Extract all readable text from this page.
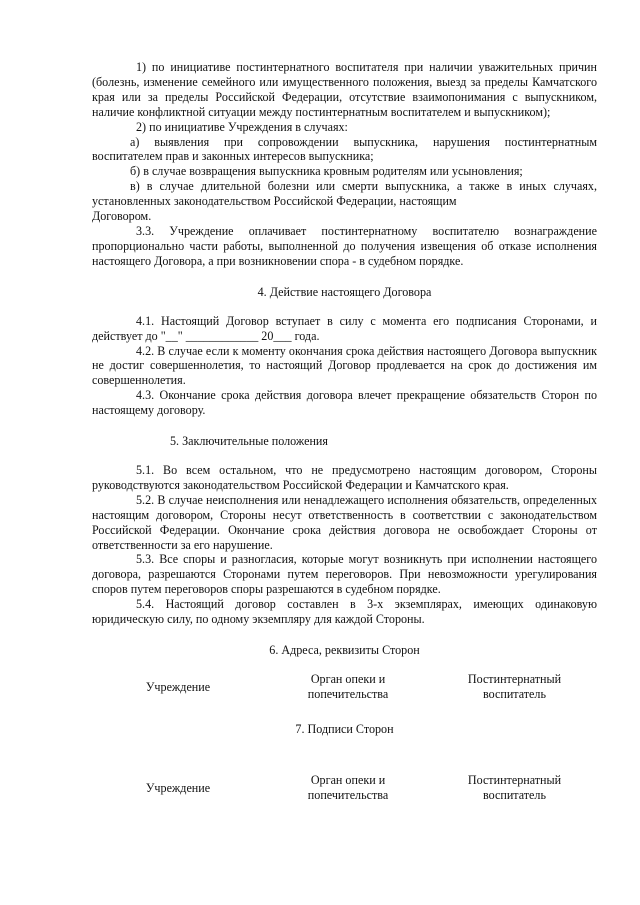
1) по инициативе постинтернатного воспитателя при наличии уважительных причин (болезнь, изменение семейного или имущественного положения, выезд за пределы Камчатского края или за пределы Российской Федерации, отсутствие взаимопонимания с выпускником, наличие конфликтной ситуации между постинтернатным воспитателем и выпускником);

2) по инициативе Учреждения в случаях:

а) выявления при сопровождении выпускника, нарушения постинтернатным воспитателем прав и законных интересов выпускника;

б) в случае возвращения выпускника кровным родителям или усыновления;

в) в случае длительной болезни или смерти выпускника, а также в иных случаях, установленных законодательством Российской Федерации, настоящим

Договором.

3.3. Учреждение оплачивает постинтернатному воспитателю вознаграждение пропорционально части работы, выполненной до получения извещения об отказе исполнения настоящего Договора, а при возникновении спора - в судебном порядке.

4. Действие настоящего Договора

4.1. Настоящий Договор вступает в силу с момента его подписания Сторонами, и действует до "__" ____________ 20___ года.

4.2. В случае если к моменту окончания срока действия настоящего Договора выпускник не достиг совершеннолетия, то настоящий Договор продлевается на срок до достижения им совершеннолетия.

4.3. Окончание срока действия договора влечет прекращение обязательств Сторон по настоящему договору.

5. Заключительные положения

5.1. Во всем остальном, что не предусмотрено настоящим договором, Стороны руководствуются законодательством Российской Федерации и Камчатского края.

5.2. В случае неисполнения или ненадлежащего исполнения обязательств, определенных настоящим договором, Стороны несут ответственность в соответствии с законодательством Российской Федерации. Окончание срока действия договора не освобождает Стороны от ответственности за его нарушение.

5.3. Все споры и разногласия, которые могут возникнуть при исполнении настоящего договора, разрешаются Сторонами путем переговоров. При невозможности урегулирования споров путем переговоров споры разрешаются в судебном порядке.

5.4. Настоящий договор составлен в 3-х экземплярах, имеющих одинаковую юридическую силу, по одному экземпляру для каждой Стороны.

6. Адреса, реквизиты Сторон

Учреждение
Орган опеки и
попечительства
Постинтернатный
воспитатель

7. Подписи Сторон

Учреждение
Орган опеки и
попечительства
Постинтернатный
воспитатель
